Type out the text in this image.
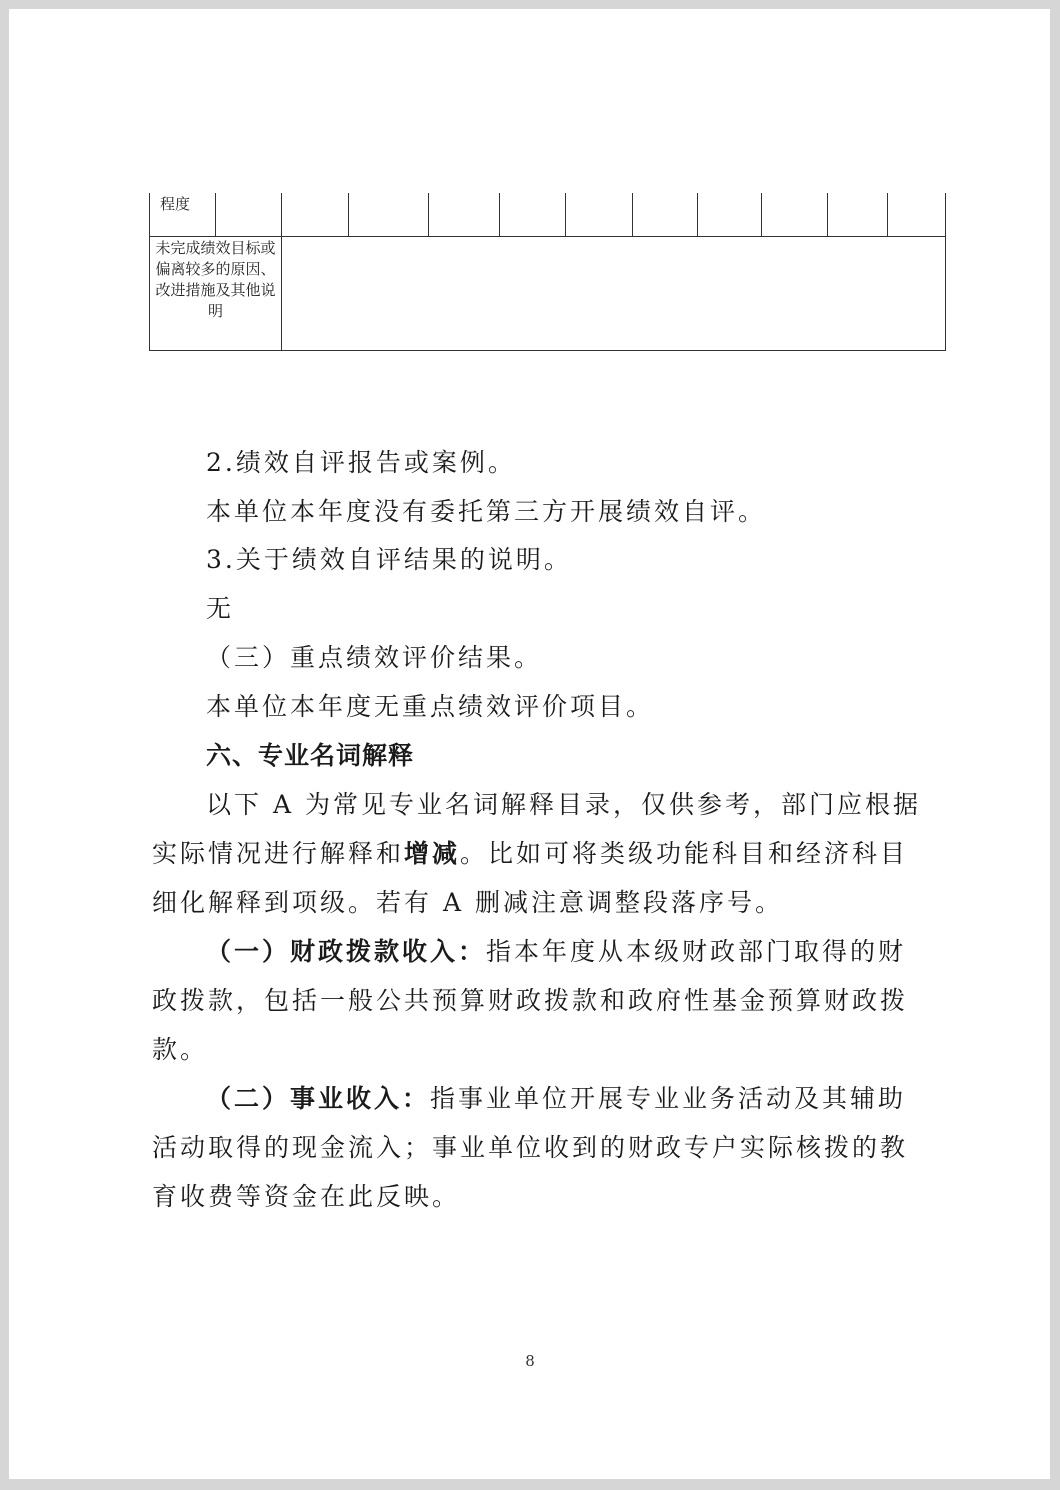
程度											
未完成绩效目标或偏离较多的原因、改进措施及其他说明											

2.绩效自评报告或案例。

本单位本年度没有委托第三方开展绩效自评。

3.关于绩效自评结果的说明。

无

（三）重点绩效评价结果。

本单位本年度无重点绩效评价项目。

六、专业名词解释

以下 A 为常见专业名词解释目录，仅供参考，部门应根据

实际情况进行解释和增减。比如可将类级功能科目和经济科目

细化解释到项级。若有 A 删减注意调整段落序号。

（一）财政拨款收入：指本年度从本级财政部门取得的财

政拨款，包括一般公共预算财政拨款和政府性基金预算财政拨

款。

（二）事业收入：指事业单位开展专业业务活动及其辅助

活动取得的现金流入；事业单位收到的财政专户实际核拨的教

育收费等资金在此反映。

8
